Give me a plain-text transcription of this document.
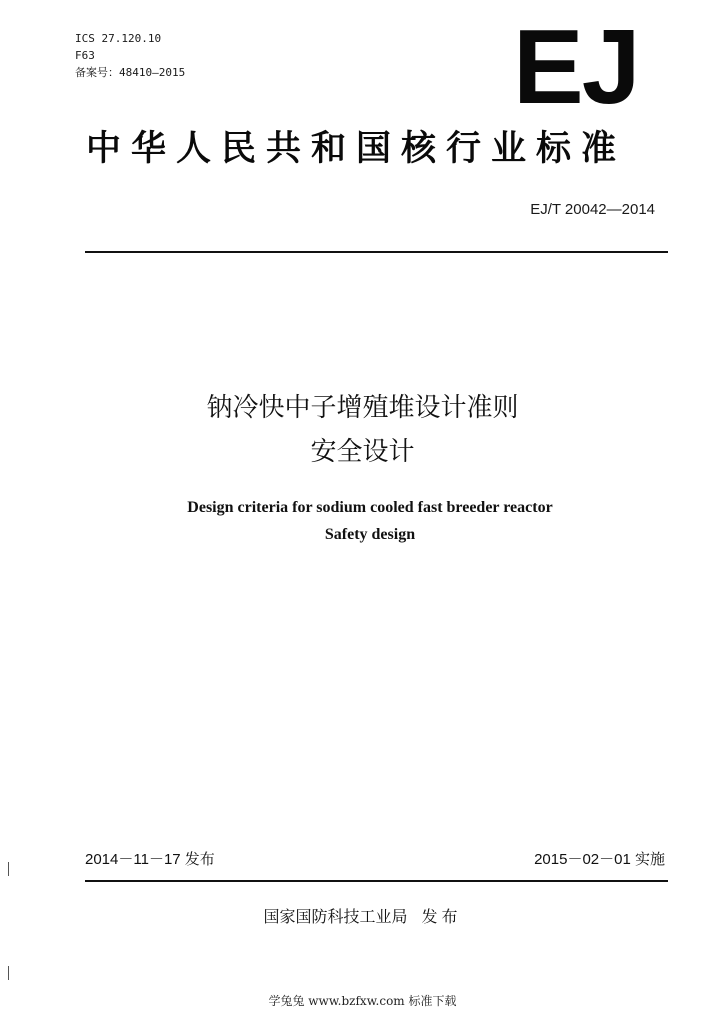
ICS 27.120.10
F63
备案号：48410—2015	EJ
中华人民共和国核行业标准
EJ/T 20042—2014
钠冷快中子增殖堆设计准则
安全设计
Design criteria for sodium cooled fast breeder reactor
Safety design
2014－11－17 发布	2015－02－01 实施
国家国防科技工业局 发布
学兔兔 www.bzfxw.com 标准下载
